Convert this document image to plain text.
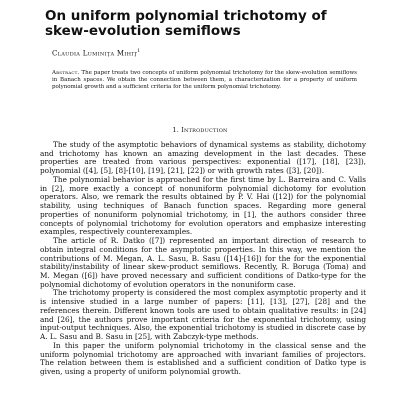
On uniform polynomial trichotomy of skew-evolution semiflows
Claudia Luminiţa Mihiţ$^1$
Abstract. The paper treats two concepts of uniform polynomial trichotomy for the skew-evolution semiflows in Banach spaces. We obtain the connection between them, a characterization for a property of uniform polynomial growth and a sufficient criteria for the uniform polynomial trichotomy.
1. Introduction

The study of the asymptotic behaviors of dynamical systems as stability, dichotomy and trichotomy has known an amazing development in the last decades. These properties are treated from various perspectives: exponential ([17], [18], [23]), polynomial ([4], [5], [8]-[10], [19], [21], [22]) or with growth rates ([3], [20]).

The polynomial behavior is approached for the first time by L. Barreira and C. Valls in [2], more exactly a concept of nonuniform polynomial dichotomy for evolution operators. Also, we remark the results obtained by P. V. Hai ([12]) for the polynomial stability, using techniques of Banach function spaces. Regarding more general properties of nonuniform polynomial trichotomy, in [1], the authors consider three concepts of polynomial trichotomy for evolution operators and emphasize interesting examples, respectively counterexamples.

The article of R. Datko ([7]) represented an important direction of research to obtain integral conditions for the asymptotic properties. In this way, we mention the contributions of M. Megan, A. L. Sasu, B. Sasu ([14]-[16]) for the for the exponential stability/instability of linear skew-product semiflows. Recently, R. Boruga (Toma) and M. Megan ([6]) have proved necessary and sufficient conditions of Datko-type for the polynomial dichotomy of evolution operators in the nonuniform case.

The trichotomy property is considered the most complex asymptotic property and it is intensive studied in a large number of papers: [11], [13], [27], [28] and the references therein. Different known tools are used to obtain qualitative results: in [24] and [26], the authors prove important criteria for the exponential trichotomy, using input-output techniques. Also, the exponential trichotomy is studied in discrete case by A. L. Sasu and B. Sasu in [25], with Zabczyk-type methods.

In this paper the uniform polynomial trichotomy in the classical sense and the uniform polynomial trichotomy are approached with invariant families of projectors. The relation between them is established and a sufficient condition of Datko type is given, using a property of uniform polynomial growth.
